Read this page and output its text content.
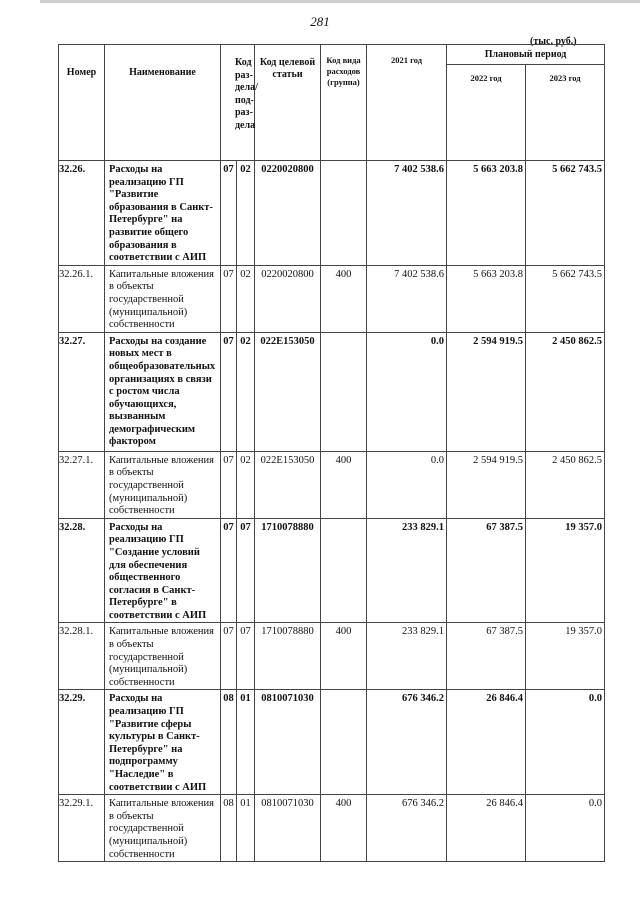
281
(тыс. руб.)
Номер	Наименование	Код раз-дела/ под-раз-дела		Код целевой статьи	Код вида расходов (группа)	2021 год	Плановый период	
							2022 год	2023 год
32.26.	Расходы на реализацию ГП "Развитие образования в Санкт-Петербурге" на развитие общего образования в соответствии с АИП	07	02	0220020800		7 402 538.6	5 663 203.8	5 662 743.5
32.26.1.	Капитальные вложения в объекты государственной (муниципальной) собственности	07	02	0220020800	400	7 402 538.6	5 663 203.8	5 662 743.5
32.27.	Расходы на создание новых мест в общеобразовательных организациях в связи с ростом числа обучающихся, вызванным демографическим фактором	07	02	022E153050		0.0	2 594 919.5	2 450 862.5
32.27.1.	Капитальные вложения в объекты государственной (муниципальной) собственности	07	02	022E153050	400	0.0	2 594 919.5	2 450 862.5
32.28.	Расходы на реализацию ГП "Создание условий для обеспечения общественного согласия в Санкт-Петербурге" в соответствии с АИП	07	07	1710078880		233 829.1	67 387.5	19 357.0
32.28.1.	Капитальные вложения в объекты государственной (муниципальной) собственности	07	07	1710078880	400	233 829.1	67 387.5	19 357.0
32.29.	Расходы на реализацию ГП "Развитие сферы культуры в Санкт-Петербурге" на подпрограмму "Наследие" в соответствии с АИП	08	01	0810071030		676 346.2	26 846.4	0.0
32.29.1.	Капитальные вложения в объекты государственной (муниципальной) собственности	08	01	0810071030	400	676 346.2	26 846.4	0.0
